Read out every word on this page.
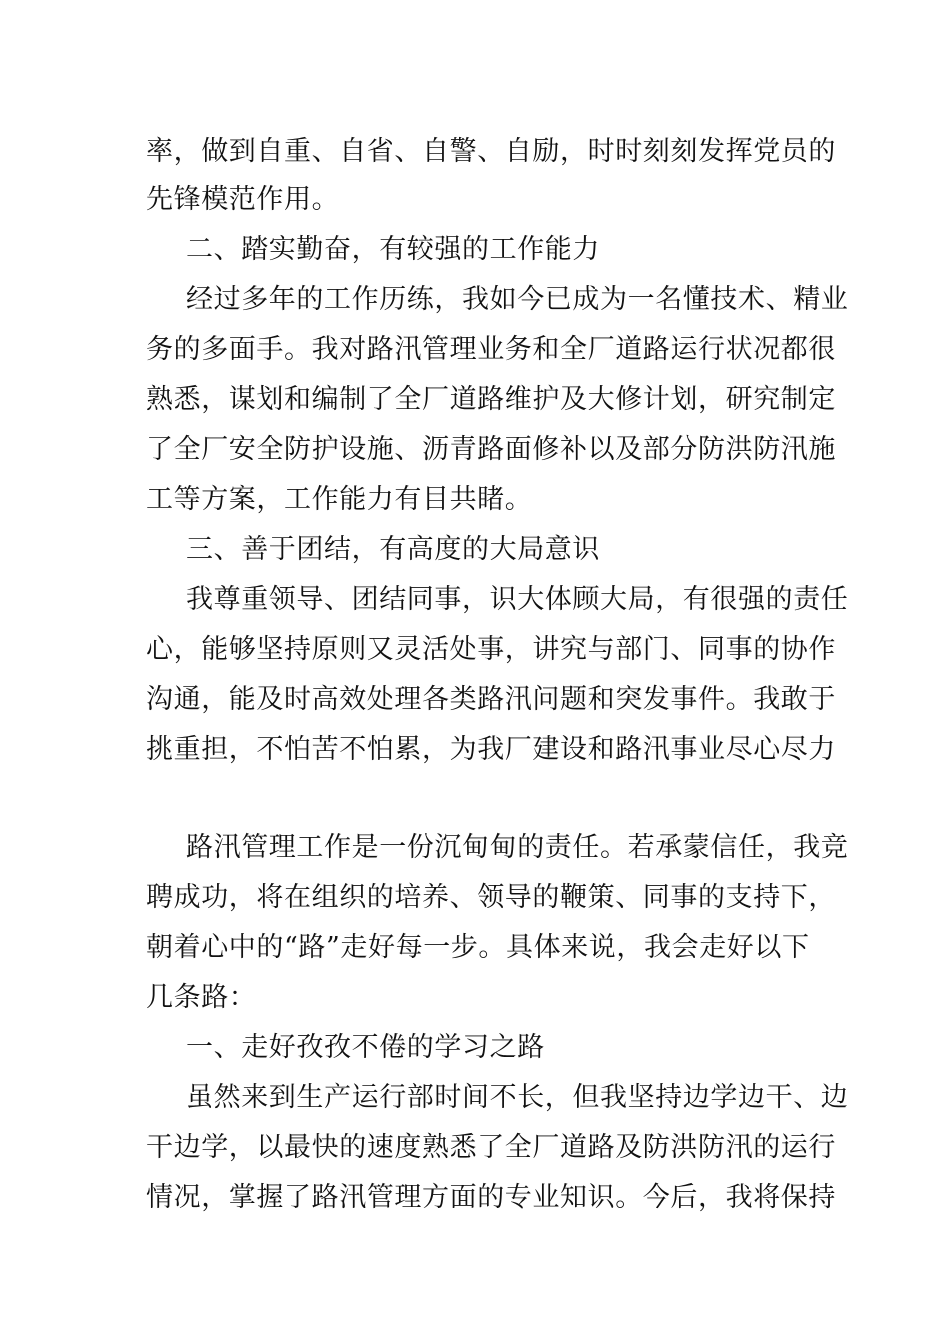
率，做到自重、自省、自警、自励，时时刻刻发挥党员的
先锋模范作用。
二、踏实勤奋，有较强的工作能力
经过多年的工作历练，我如今已成为一名懂技术、精业
务的多面手。我对路汛管理业务和全厂道路运行状况都很
熟悉，谋划和编制了全厂道路维护及大修计划，研究制定
了全厂安全防护设施、沥青路面修补以及部分防洪防汛施
工等方案，工作能力有目共睹。
三、善于团结，有高度的大局意识
我尊重领导、团结同事，识大体顾大局，有很强的责任
心，能够坚持原则又灵活处事，讲究与部门、同事的协作
沟通，能及时高效处理各类路汛问题和突发事件。我敢于
挑重担，不怕苦不怕累，为我厂建设和路汛事业尽心尽力
路汛管理工作是一份沉甸甸的责任。若承蒙信任，我竞
聘成功，将在组织的培养、领导的鞭策、同事的支持下，
朝着心中的“路”走好每一步。具体来说，我会走好以下
几条路：
一、走好孜孜不倦的学习之路
虽然来到生产运行部时间不长，但我坚持边学边干、边
干边学，以最快的速度熟悉了全厂道路及防洪防汛的运行
情况，掌握了路汛管理方面的专业知识。今后，我将保持
